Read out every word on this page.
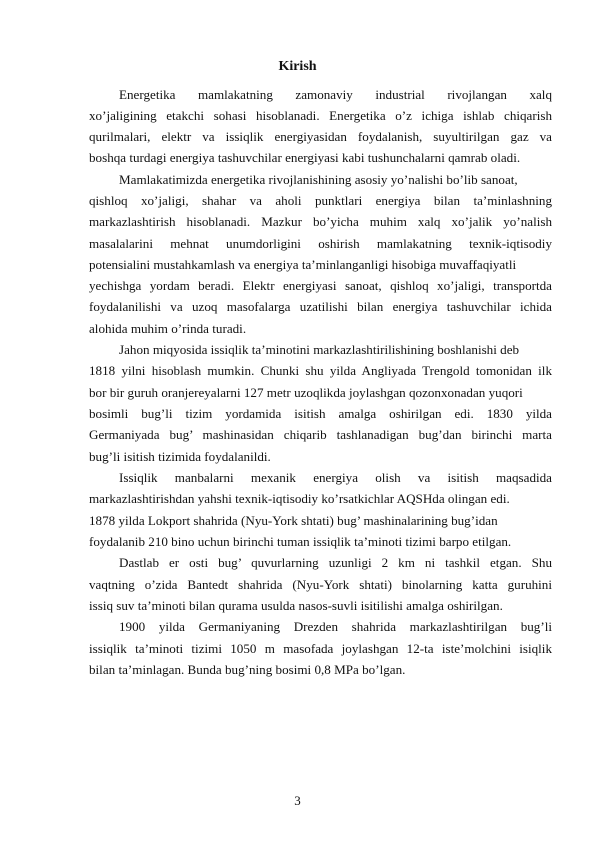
Kirish
Energetika mamlakatning zamonaviy industrial rivojlangan xalq
xo’jaligining etakchi sohasi hisoblanadi. Energetika o’z ichiga ishlab chiqarish
qurilmalari, elektr va issiqlik energiyasidan foydalanish, suyultirilgan gaz va
boshqa turdagi energiya tashuvchilar energiyasi kabi tushunchalarni qamrab oladi.
Mamlakatimizda energetika rivojlanishining asosiy yo’nalishi bo’lib sanoat,
qishloq xo’jaligi, shahar va aholi punktlari energiya bilan ta’minlashning
markazlashtirish hisoblanadi. Mazkur bo’yicha muhim xalq xo’jalik yo’nalish
masalalarini mehnat unumdorligini oshirish mamlakatning texnik-iqtisodiy
potensialini mustahkamlash va energiya ta’minlanganligi hisobiga muvaffaqiyatli
yechishga yordam beradi. Elektr energiyasi sanoat, qishloq xo’jaligi, transportda
foydalanilishi va uzoq masofalarga uzatilishi bilan energiya tashuvchilar ichida
alohida muhim o’rinda turadi.
Jahon miqyosida issiqlik ta’minotini markazlashtirilishining boshlanishi deb
1818 yilni hisoblash mumkin. Chunki shu yilda Angliyada Trengold tomonidan ilk
bor bir guruh oranjereyalarni 127 metr uzoqlikda joylashgan qozonxonadan yuqori
bosimli bug’li tizim yordamida isitish amalga oshirilgan edi. 1830 yilda
Germaniyada bug’ mashinasidan chiqarib tashlanadigan bug’dan birinchi marta
bug’li isitish tizimida foydalanildi.
Issiqlik manbalarni mexanik energiya olish va isitish maqsadida
markazlashtirishdan yahshi texnik-iqtisodiy ko’rsatkichlar AQSHda olingan edi.
1878 yilda Lokport shahrida (Nyu-York shtati) bug’ mashinalarining bug’idan
foydalanib 210 bino uchun birinchi tuman issiqlik ta’minoti tizimi barpo etilgan.
Dastlab er osti bug’ quvurlarning uzunligi 2 km ni tashkil etgan. Shu
vaqtning o’zida Bantedt shahrida (Nyu-York shtati) binolarning katta guruhini
issiq suv ta’minoti bilan qurama usulda nasos-suvli isitilishi amalga oshirilgan.
1900 yilda Germaniyaning Drezden shahrida markazlashtirilgan bug’li
issiqlik ta’minoti tizimi 1050 m masofada joylashgan 12-ta iste’molchini isiqlik
bilan ta’minlagan. Bunda bug’ning bosimi 0,8 MPa bo’lgan.
3
